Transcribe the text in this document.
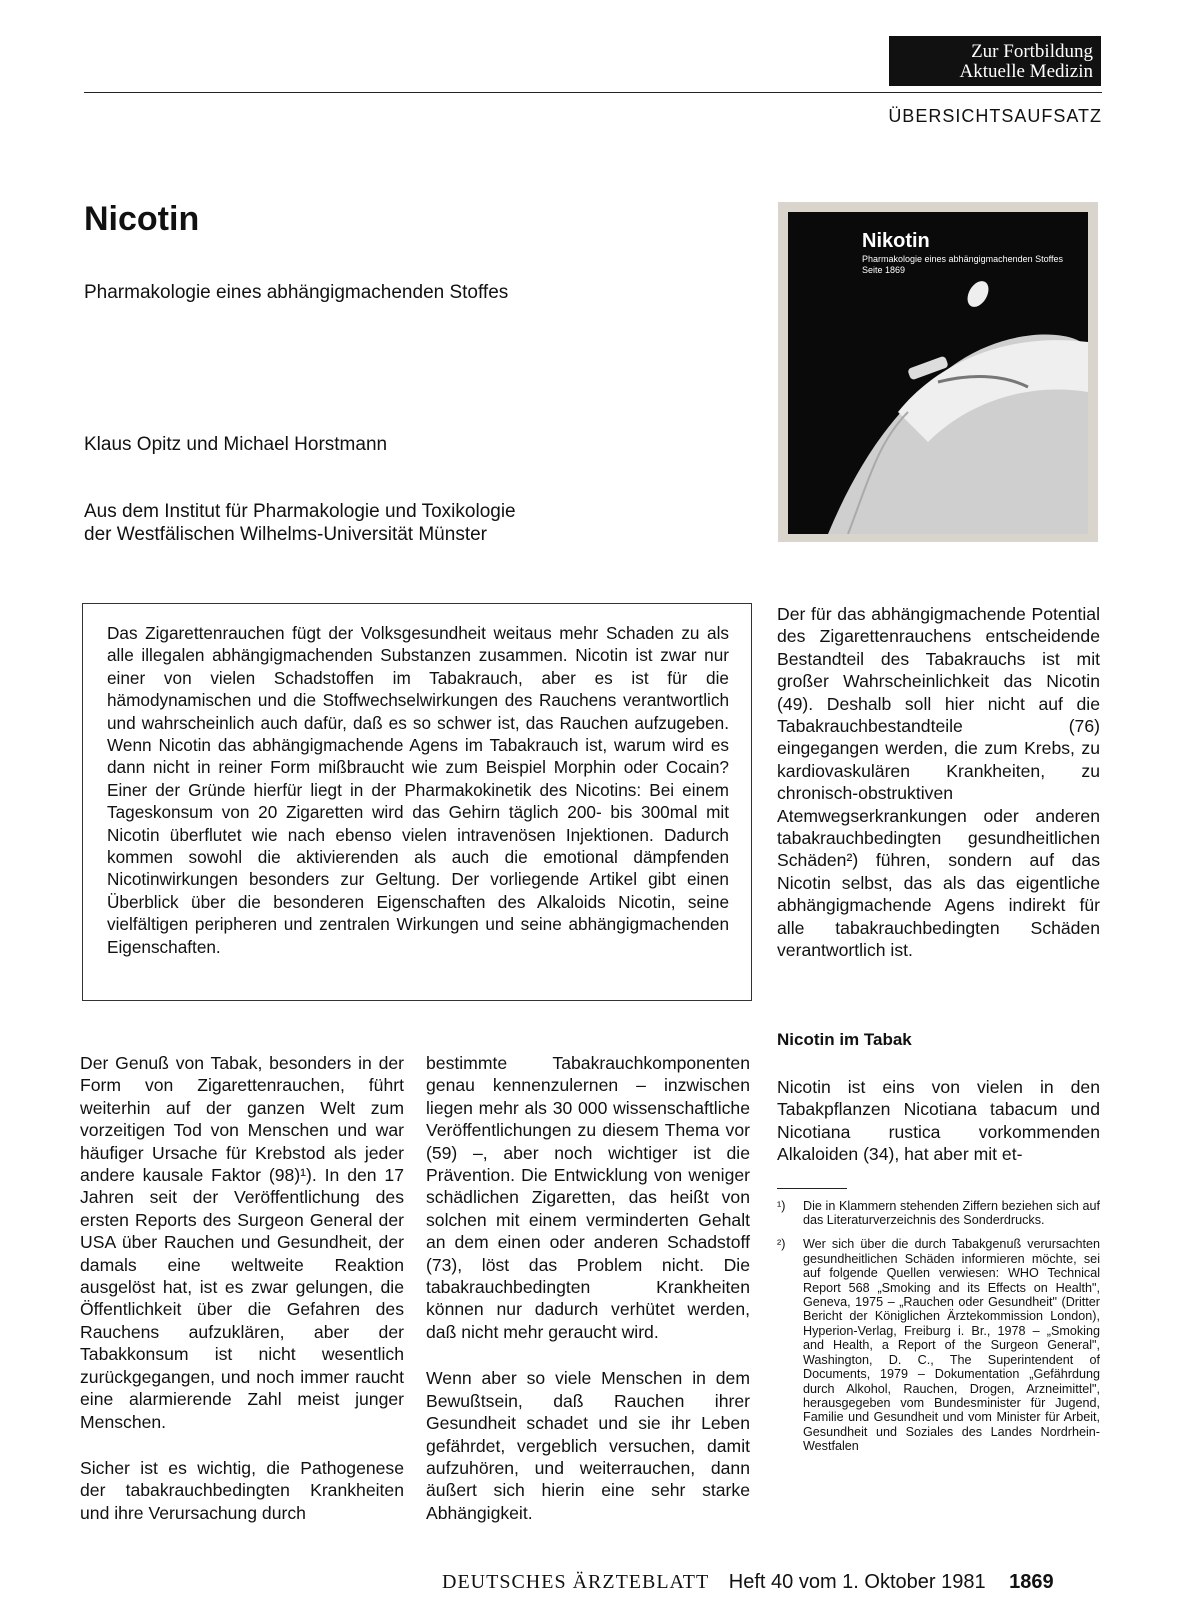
Zur Fortbildung
Aktuelle Medizin
ÜBERSICHTSAUFSATZ
Nicotin
Pharmakologie eines abhängigmachenden Stoffes
Klaus Opitz und Michael Horstmann
Aus dem Institut für Pharmakologie und Toxikologie
der Westfälischen Wilhelms-Universität Münster
Nikotin
Pharmakologie eines abhängigmachenden Stoffes
Seite 1869

Das Zigarettenrauchen fügt der Volksgesundheit weitaus mehr Schaden zu als alle illegalen abhängigmachenden Substanzen zusammen. Nicotin ist zwar nur einer von vielen Schadstoffen im Tabakrauch, aber es ist für die hämodynamischen und die Stoffwechselwirkungen des Rauchens verantwortlich und wahrscheinlich auch dafür, daß es so schwer ist, das Rauchen aufzugeben. Wenn Nicotin das abhängigmachende Agens im Tabakrauch ist, warum wird es dann nicht in reiner Form mißbraucht wie zum Beispiel Morphin oder Cocain? Einer der Gründe hierfür liegt in der Pharmakokinetik des Nicotins: Bei einem Tageskonsum von 20 Zigaretten wird das Gehirn täglich 200- bis 300mal mit Nicotin überflutet wie nach ebenso vielen intravenösen Injektionen. Dadurch kommen sowohl die aktivierenden als auch die emotional dämpfenden Nicotinwirkungen besonders zur Geltung. Der vorliegende Artikel gibt einen Überblick über die besonderen Eigenschaften des Alkaloids Nicotin, seine vielfältigen peripheren und zentralen Wirkungen und seine abhängigmachenden Eigenschaften.

Der für das abhängigmachende Potential des Zigarettenrauchens entscheidende Bestandteil des Tabakrauchs ist mit großer Wahrscheinlichkeit das Nicotin (49). Deshalb soll hier nicht auf die Tabakrauchbestandteile (76) eingegangen werden, die zum Krebs, zu kardiovaskulären Krankheiten, zu chronisch-obstruktiven Atemwegserkrankungen oder anderen tabakrauchbedingten gesundheitlichen Schäden²) führen, sondern auf das Nicotin selbst, das als das eigentliche abhängigmachende Agens indirekt für alle tabakrauchbedingten Schäden verantwortlich ist.

Der Genuß von Tabak, besonders in der Form von Zigarettenrauchen, führt weiterhin auf der ganzen Welt zum vorzeitigen Tod von Menschen und war häufiger Ursache für Krebstod als jeder andere kausale Faktor (98)¹). In den 17 Jahren seit der Veröffentlichung des ersten Reports des Surgeon General der USA über Rauchen und Gesundheit, der damals eine weltweite Reaktion ausgelöst hat, ist es zwar gelungen, die Öffentlichkeit über die Gefahren des Rauchens aufzuklären, aber der Tabakkonsum ist nicht wesentlich zurückgegangen, und noch immer raucht eine alarmierende Zahl meist junger Menschen.

Sicher ist es wichtig, die Pathogenese der tabakrauchbedingten Krankheiten und ihre Verursachung durch

bestimmte Tabakrauchkomponenten genau kennenzulernen – inzwischen liegen mehr als 30 000 wissenschaftliche Veröffentlichungen zu diesem Thema vor (59) –, aber noch wichtiger ist die Prävention. Die Entwicklung von weniger schädlichen Zigaretten, das heißt von solchen mit einem verminderten Gehalt an dem einen oder anderen Schadstoff (73), löst das Problem nicht. Die tabakrauchbedingten Krankheiten können nur dadurch verhütet werden, daß nicht mehr geraucht wird.

Wenn aber so viele Menschen in dem Bewußtsein, daß Rauchen ihrer Gesundheit schadet und sie ihr Leben gefährdet, vergeblich versuchen, damit aufzuhören, und weiterrauchen, dann äußert sich hierin eine sehr starke Abhängigkeit.

Nicotin im Tabak

Nicotin ist eins von vielen in den Tabakpflanzen Nicotiana tabacum und Nicotiana rustica vorkommenden Alkaloiden (34), hat aber mit et-

¹)	Die in Klammern stehenden Ziffern beziehen sich auf das Literaturverzeichnis des Sonderdrucks.
²)	Wer sich über die durch Tabakgenuß verursachten gesundheitlichen Schäden informieren möchte, sei auf folgende Quellen verwiesen: WHO Technical Report 568 „Smoking and its Effects on Health", Geneva, 1975 – „Rauchen oder Gesundheit" (Dritter Bericht der Königlichen Ärztekommission London), Hyperion-Verlag, Freiburg i. Br., 1978 – „Smoking and Health, a Report of the Surgeon General", Washington, D. C., The Superintendent of Documents, 1979 – Dokumentation „Gefährdung durch Alkohol, Rauchen, Drogen, Arzneimittel", herausgegeben vom Bundesminister für Jugend, Familie und Gesundheit und vom Minister für Arbeit, Gesundheit und Soziales des Landes Nordrhein-Westfalen
DEUTSCHES ÄRZTEBLATT Heft 40 vom 1. Oktober 1981 1869
